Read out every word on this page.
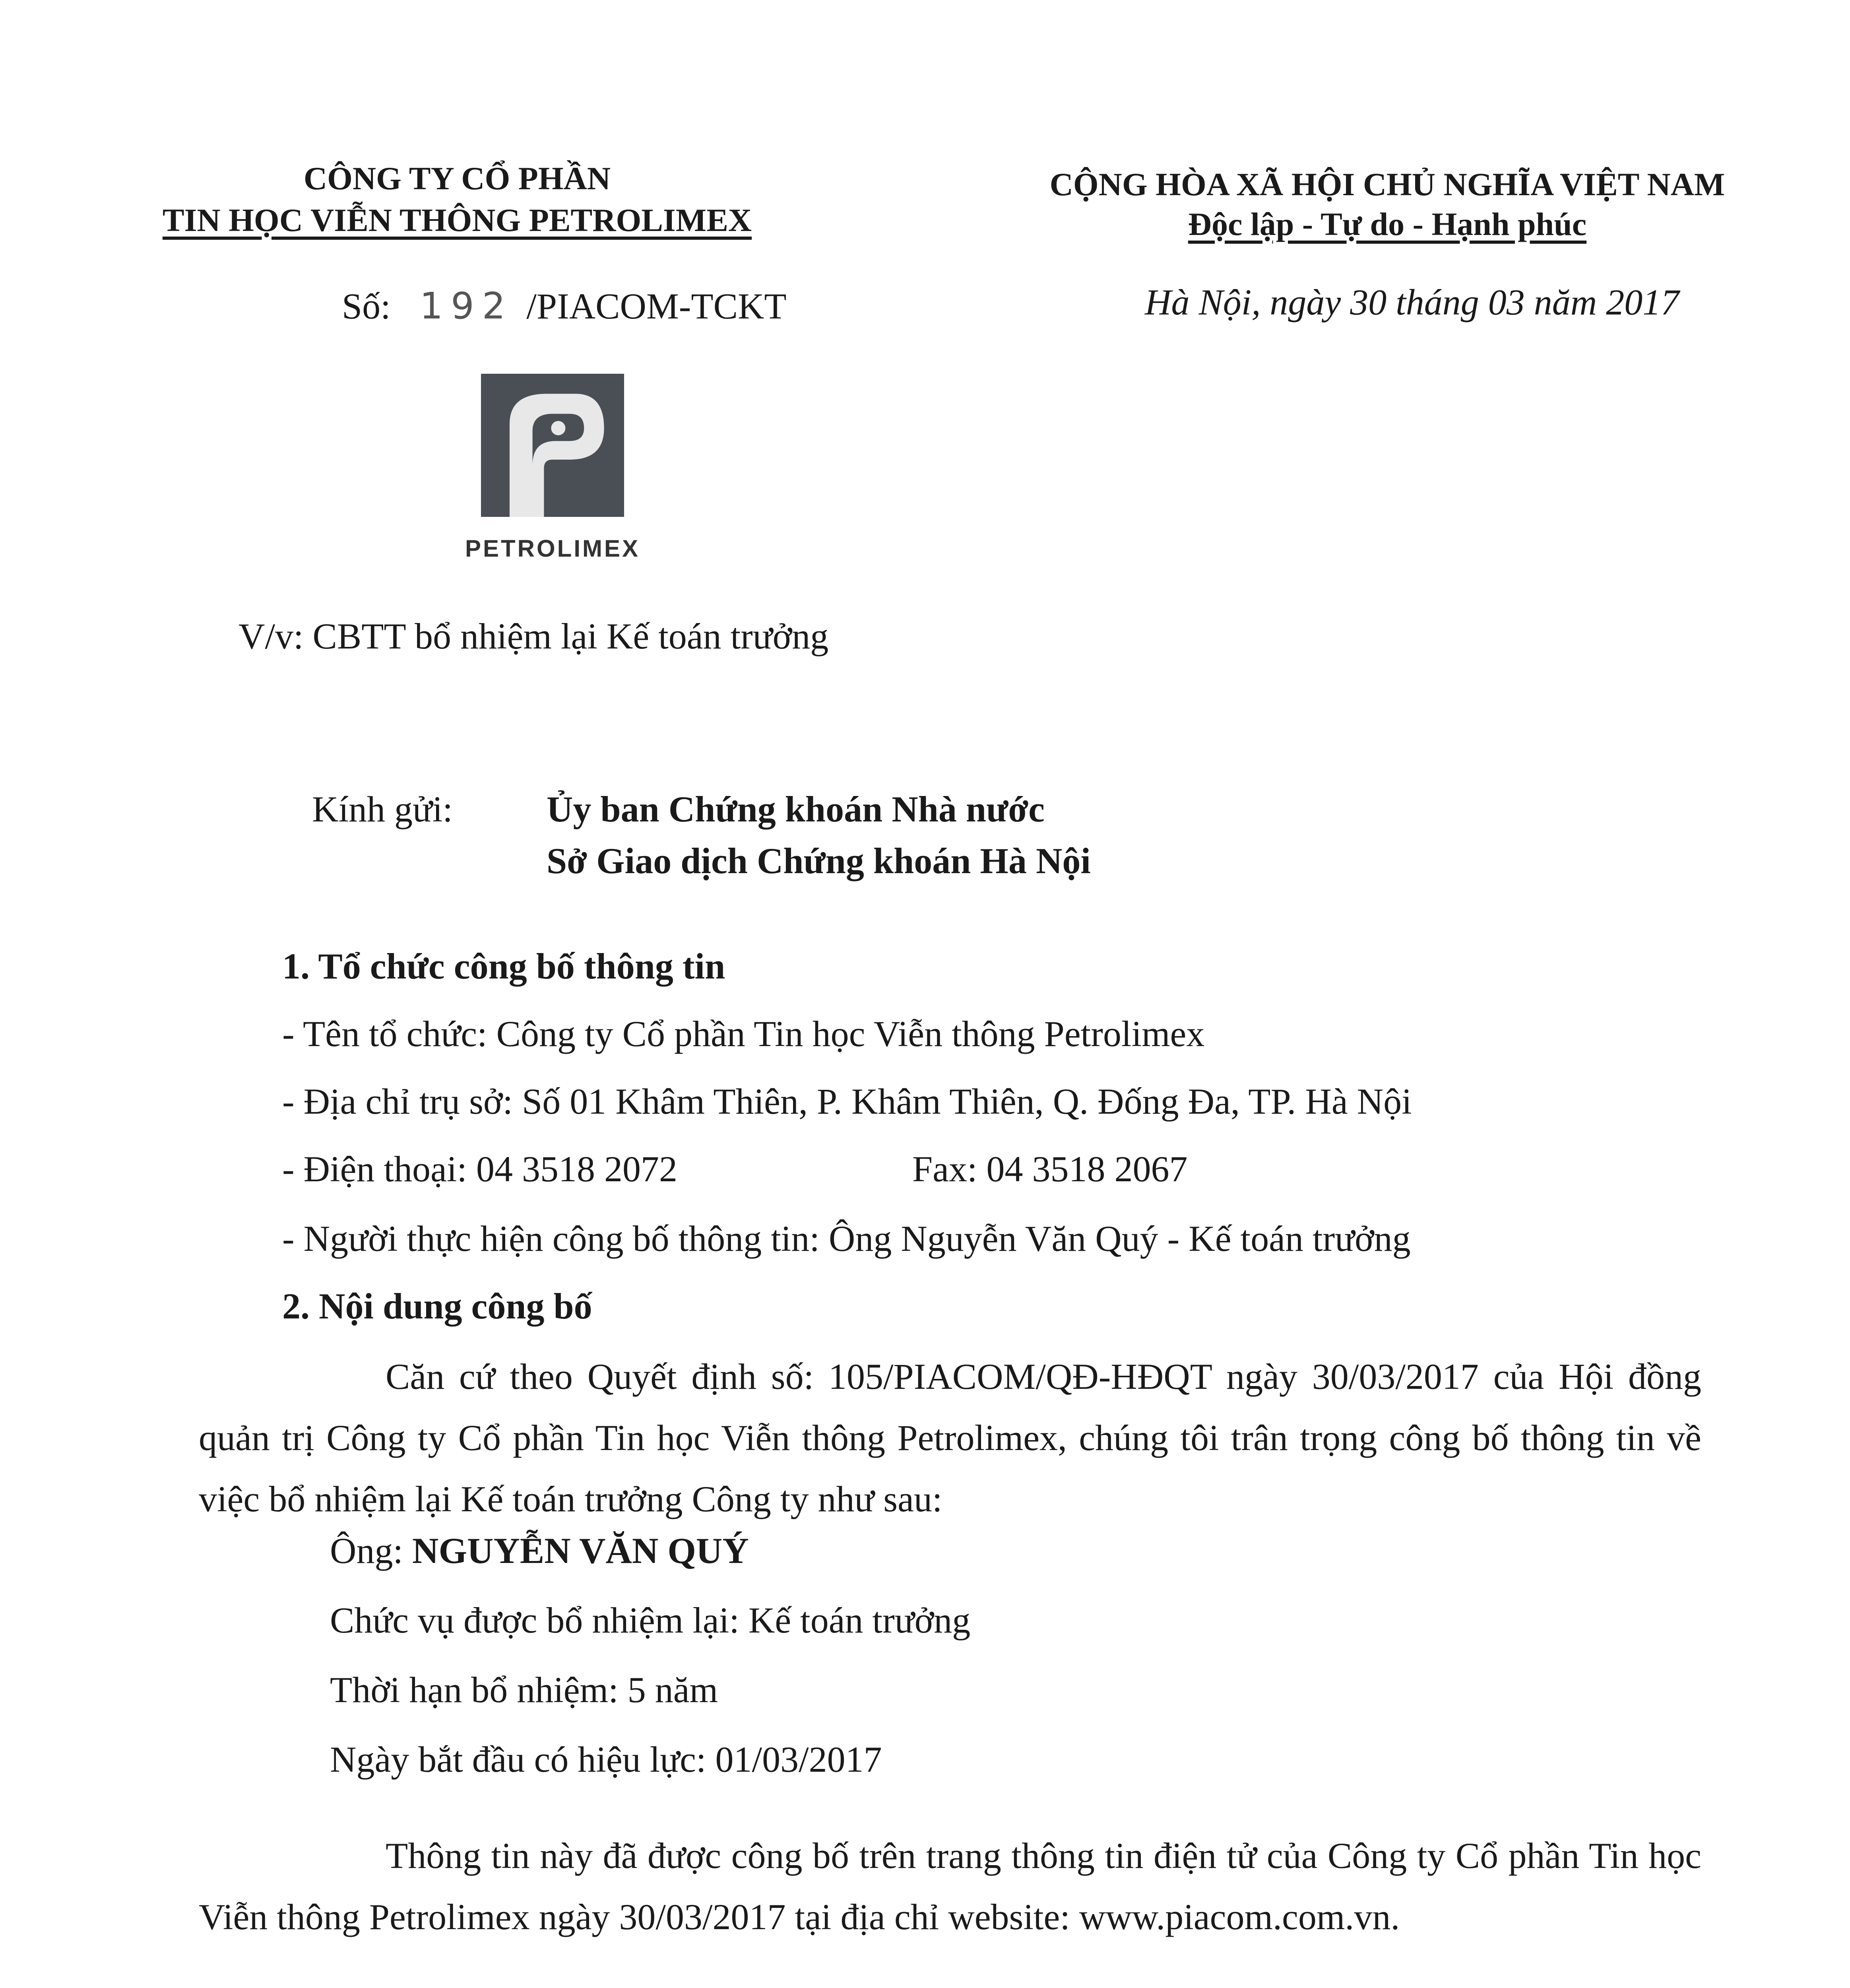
CÔNG TY CỔ PHẦN
TIN HỌC VIỄN THÔNG PETROLIMEX
CỘNG HÒA XÃ HỘI CHỦ NGHĨA VIỆT NAM
Độc lập - Tự do - Hạnh phúc
Số: 192 /PIACOM-TCKT	Hà Nội, ngày 30 tháng 03 năm 2017
PETROLIMEX
V/v: CBTT bổ nhiệm lại Kế toán trưởng
Kính gửi:	Ủy ban Chứng khoán Nhà nước
Sở Giao dịch Chứng khoán Hà Nội
1. Tổ chức công bố thông tin
- Tên tổ chức: Công ty Cổ phần Tin học Viễn thông Petrolimex
- Địa chỉ trụ sở: Số 01 Khâm Thiên, P. Khâm Thiên, Q. Đống Đa, TP. Hà Nội
- Điện thoại: 04 3518 2072	Fax: 04 3518 2067
- Người thực hiện công bố thông tin: Ông Nguyễn Văn Quý - Kế toán trưởng
2. Nội dung công bố
Căn cứ theo Quyết định số: 105/PIACOM/QĐ-HĐQT ngày 30/03/2017 của Hội đồng quản trị Công ty Cổ phần Tin học Viễn thông Petrolimex, chúng tôi trân trọng công bố thông tin về việc bổ nhiệm lại Kế toán trưởng Công ty như sau:
Ông: NGUYỄN VĂN QUÝ
Chức vụ được bổ nhiệm lại: Kế toán trưởng
Thời hạn bổ nhiệm: 5 năm
Ngày bắt đầu có hiệu lực: 01/03/2017
Thông tin này đã được công bố trên trang thông tin điện tử của Công ty Cổ phần Tin học Viễn thông Petrolimex ngày 30/03/2017 tại địa chỉ website: www.piacom.com.vn.
